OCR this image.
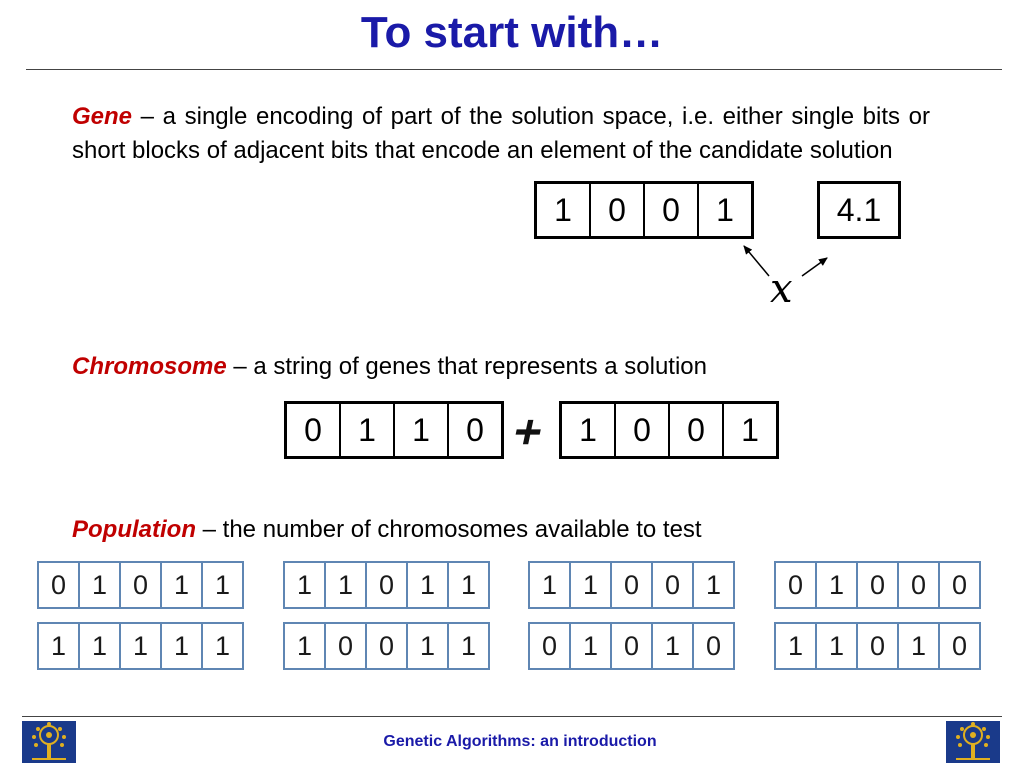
To start with…
Gene – a single encoding of part of the solution space, i.e. either single bits or short blocks of adjacent bits that encode an element of the candidate solution
1	0	0	1	4.1
x
Chromosome – a string of genes that represents a solution
0	1	1	0 + 1	0	0	1
Population – the number of chromosomes available to test
0 1 0 1 1	1 1 0 1 1	1 1 0 0 1	0 1 0 0 0
1 1 1 1 1	1 0 0 1 1	0 1 0 1 0	1 1 0 1 0
Genetic Algorithms: an introduction
